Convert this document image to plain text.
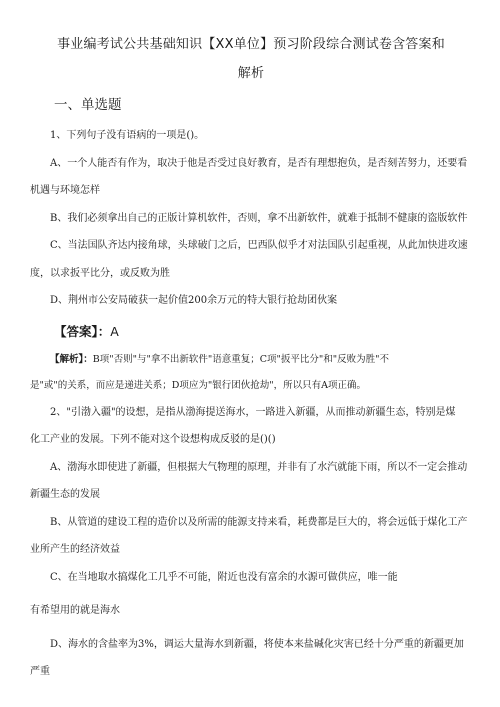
事业编考试公共基础知识【XX单位】预习阶段综合测试卷含答案和
解析
一、单选题

1、下列句子没有语病的一项是()。

A、一个人能否有作为，取决于他是否受过良好教育，是否有理想抱负，是否刻苦努力，还要看

机遇与环境怎样

B、我们必须拿出自己的正版计算机软件，否则，拿不出新软件，就难于抵制不健康的盗版软件

C、当法国队齐达内接角球，头球破门之后，巴西队似乎才对法国队引起重视，从此加快进攻速

度，以求扳平比分，或反败为胜

D、荆州市公安局破获一起价值200余万元的特大银行抢劫团伙案

【答案】：A

【解析】：B项"否则"与"拿不出新软件"语意重复；C项"扳平比分"和"反败为胜"不

是"或"的关系，而应是递进关系；D项应为"银行团伙抢劫"，所以只有A项正确。

2、"引渤入疆"的设想，是指从渤海提送海水，一路进入新疆，从而推动新疆生态，特别是煤

化工产业的发展。下列不能对这个设想构成反驳的是()()

A、渤海水即使进了新疆，但根据大气物理的原理，并非有了水汽就能下雨，所以不一定会推动

新疆生态的发展

B、从管道的建设工程的造价以及所需的能源支持来看，耗费都是巨大的，将会远低于煤化工产

业所产生的经济效益

C、在当地取水搞煤化工几乎不可能，附近也没有富余的水源可做供应，唯一能

有希望用的就是海水

D、海水的含盐率为3%，调运大量海水到新疆，将使本来盐碱化灾害已经十分严重的新疆更加

严重
